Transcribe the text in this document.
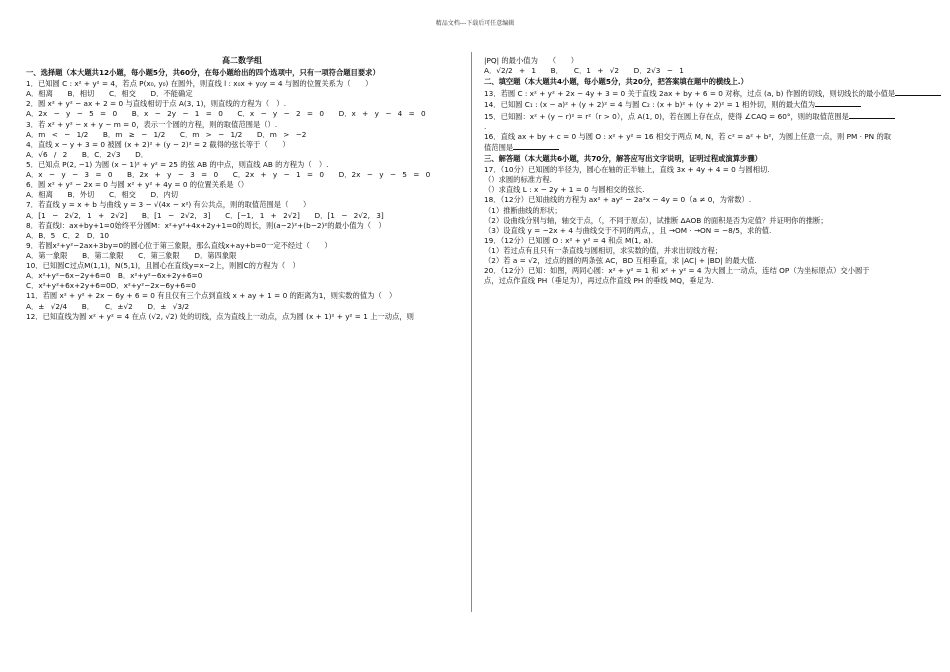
精品文档---下载后可任意编辑
高二数学组
一、选择题（本大题共12小题，每小题5分，共60分，在每小题给出的四个选项中，只有一项符合题目要求）
1．已知圆 C : x² + y² = 4，若点 P(x₀, y₀) 在圆外，则直线 l : x₀x + y₀y = 4 与圆的位置关系为（　　）
A．相离　　B．相切　　C．相交　　D．不能确定
2．圆 x² + y² − ax + 2 = 0 与直线相切于点 A(3, 1)，则直线的方程为（　）.
A．2x − y − 5 = 0　　B．x − 2y − 1 = 0　　C．x − y − 2 = 0　　D．x + y − 4 = 0
3．若 x² + y² − x + y − m = 0，表示一个圆的方程，则的取值范围是（）.
A．m < − 1/2　　B．m ≥ − 1/2　　C．m > − 1/2　　D．m > −2
4．直线 x − y + 3 = 0 被圆 (x + 2)² + (y − 2)² = 2 截得的弦长等于（　　）
A．√6 / 2　　B．C．2√3　　D．
5．已知点 P(2, −1) 为圆 (x − 1)² + y² = 25 的弦 AB 的中点，则直线 AB 的方程为（　）.
A．x − y − 3 = 0　　B．2x + y − 3 = 0　　C．2x + y − 1 = 0　　D．2x − y − 5 = 0
6．圆 x² + y² − 2x = 0 与圆 x² + y² + 4y = 0 的位置关系是（）
A．相离　　B．外切　　C．相交　　D．内切
7．若直线 y = x + b 与曲线 y = 3 − √(4x − x²) 有公共点，则的取值范围是（　　）
A．[1 − 2√2, 1 + 2√2]　　B．[1 − 2√2, 3]　　C．[−1, 1 + 2√2]　　D．[1 − 2√2, 3]
8．若直线l：ax+by+1=0始终平分圆M：x²+y²+4x+2y+1=0的周长，则(a−2)²+(b−2)²的最小值为（　）
A．B．5　C．2　D．10
9．若圆x²+y²−2ax+3by=0的圆心位于第三象限，那么直线x+ay+b=0一定不经过（　　）
A．第一象限　　B．第二象限　　C．第三象限　　D．第四象限
10．已知圆C过点M(1,1)，N(5,1)，且圆心在直线y=x−2上，则圆C的方程为（　）
A．x²+y²−6x−2y+6=0　B．x²+y²−6x+2y+6=0
C．x²+y²+6x+2y+6=0D．x²+y²−2x−6y+6=0
11．若圆 x² + y² + 2x − 6y + 6 = 0 有且仅有三个点到直线 x + ay + 1 = 0 的距离为1，则实数的值为（　）
A．± √2/4　　B．　　C．±√2　　D．± √3/2
12．已知直线为圆 x² + y² = 4 在点 (√2, √2) 处的切线，点为直线上一动点，点为圆 (x + 1)² + y² = 1 上一动点，则
|PQ| 的最小值为　　（　　）
A．√2/2 + 1　　B．　　C．1 + √2　　D．2√3 − 1
二、填空题（本大题共4小题，每小题5分，共20分，把答案填在题中的横线上.）
13．若圆 C : x² + y² + 2x − 4y + 3 = 0 关于直线 2ax + by + 6 = 0 对称，过点 (a, b) 作圆的切线，则切线长的最小值是
14．已知圆 C₁ : (x − a)² + (y + 2)² = 4 与圆 C₂ : (x + b)² + (y + 2)² = 1 相外切，则的最大值为
15．已知圆：x² + (y − r)² = r²（r > 0），点 A(1, 0)，若在圆上存在点，使得 ∠CAQ = 60°，则的取值范围是
.
16．直线 ax + by + c = 0 与圆 O : x² + y² = 16 相交于两点 M, N，若 c² = a² + b²，为圆上任意一点，则 PM · PN 的取
值范围是
三、解答题（本大题共6小题，共70分，解答应写出文字说明，证明过程或演算步骤）
17．（10分）已知圆的半径为，圆心在轴的正半轴上，直线 3x + 4y + 4 = 0 与圆相切.
（）求圆的标准方程.
（）求直线 L : x − 2y + 1 = 0 与圆相交的弦长.
18．（12分）已知曲线的方程为 ax² + ay² − 2a²x − 4y = 0（a ≠ 0，为常数）.
（1）推断曲线的形状；
（2）设曲线分别与轴，轴交于点，（，不同于原点），试推断 ΔAOB 的面积是否为定值？并证明你的推断；
（3）设直线 y = −2x + 4 与曲线交于不同的两点，，且 →OM · →ON = −8/5，求的值.
19．（12分）已知圆 O : x² + y² = 4 和点 M(1, a).
（1）若过点有且只有一条直线与圆相切，求实数的值，并求出切线方程；
（2）若 a = √2，过点的圆的两条弦 AC，BD 互相垂直，求 |AC| + |BD| 的最大值.
20．（12分）已知：如图，两同心圆：x² + y² = 1 和 x² + y² = 4 为大圆上一动点，连结 OP（为坐标原点）交小圆于
点，过点作直线 PH（垂足为），再过点作直线 PH 的垂线 MQ，垂足为.
